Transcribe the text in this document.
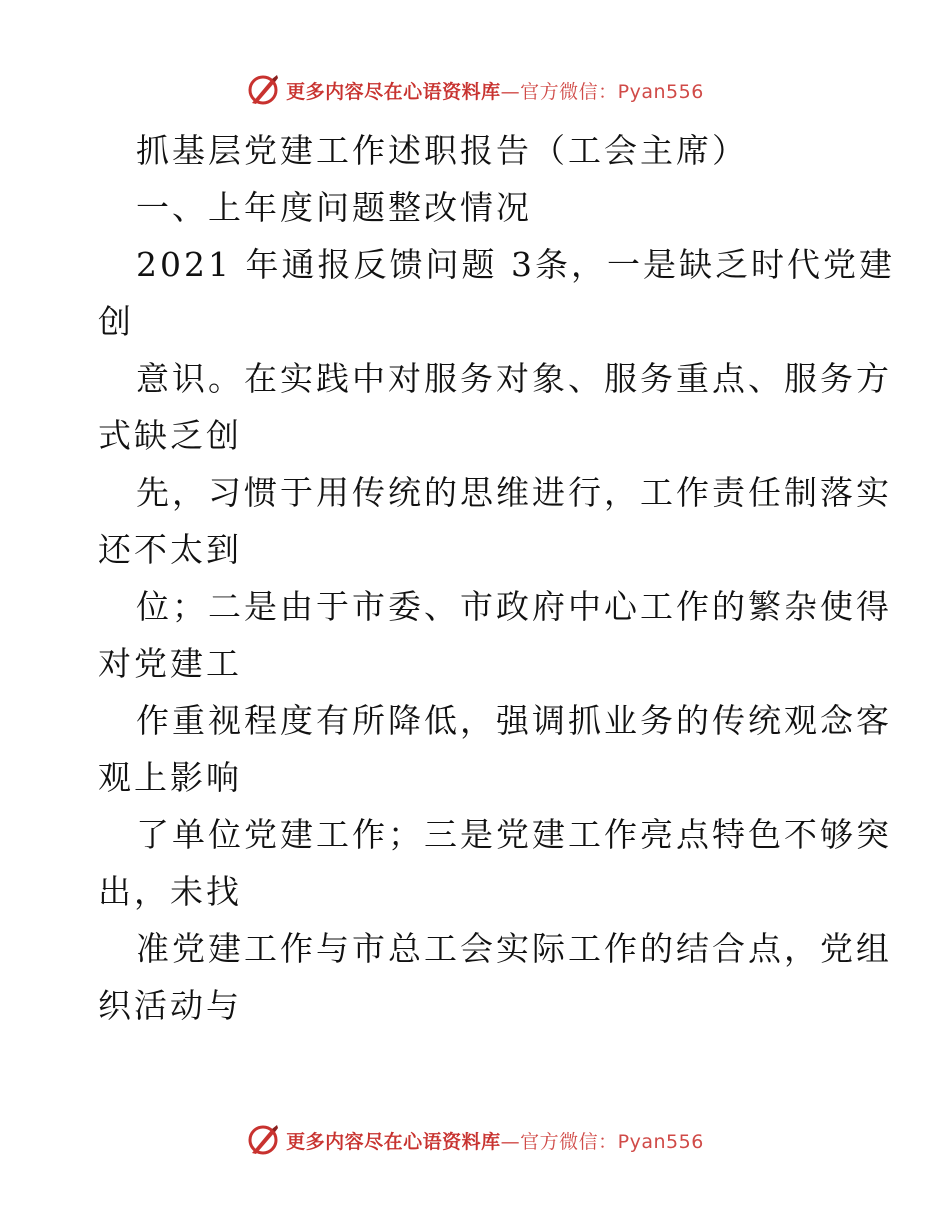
更多内容尽在心语资料库—官方微信：Pyan556
抓基层党建工作述职报告（工会主席）
一、上年度问题整改情况
2021 年通报反馈问题 3条，一是缺乏时代党建
创
意识。在实践中对服务对象、服务重点、服务方
式缺乏创
先，习惯于用传统的思维进行，工作责任制落实
还不太到
位；二是由于市委、市政府中心工作的繁杂使得
对党建工
作重视程度有所降低，强调抓业务的传统观念客
观上影响
了单位党建工作；三是党建工作亮点特色不够突
出，未找
准党建工作与市总工会实际工作的结合点，党组
织活动与
更多内容尽在心语资料库—官方微信：Pyan556
